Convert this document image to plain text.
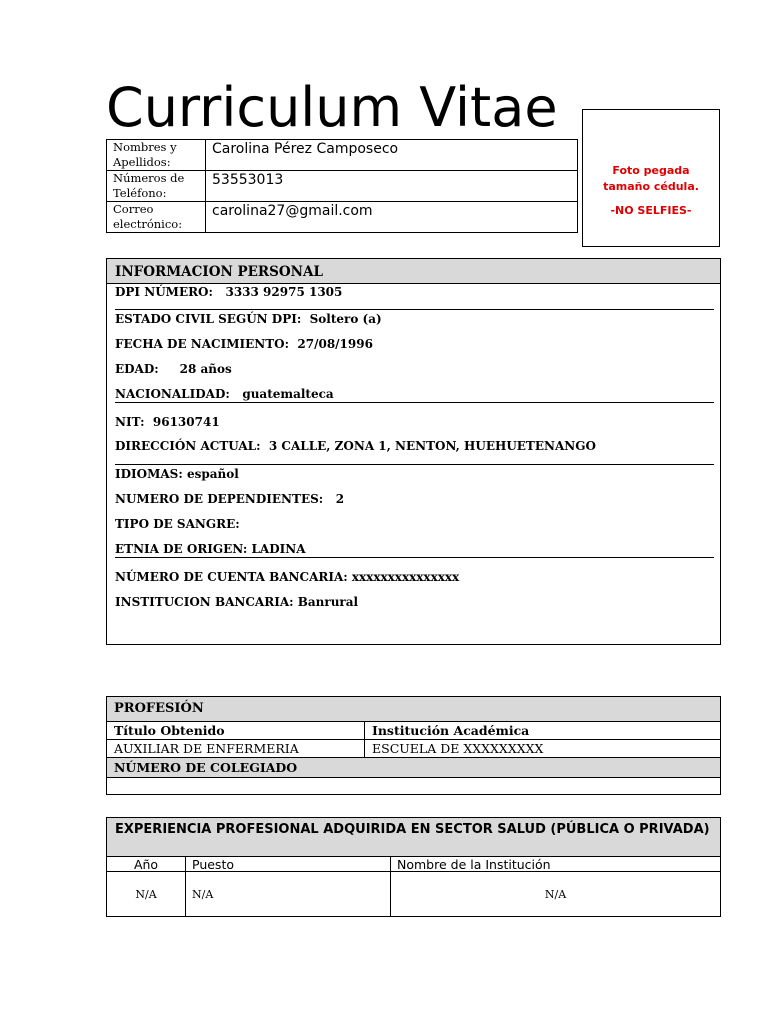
Curriculum Vitae
Nombres y Apellidos:	Carolina Pérez Camposeco
Números de Teléfono:	53553013
Correo electrónico:	carolina27@gmail.com
Foto pegada tamaño cédula.
-NO SELFIES-
INFORMACION PERSONAL
DPI NÚMERO:   3333 92975 1305
ESTADO CIVIL SEGÚN DPI:  Soltero (a)
FECHA DE NACIMIENTO:  27/08/1996
EDAD:     28 años
NACIONALIDAD:   guatemalteca
NIT:  96130741
DIRECCIÓN ACTUAL:  3 CALLE, ZONA 1, NENTON, HUEHUETENANGO
IDIOMAS: español
NUMERO DE DEPENDIENTES:   2
TIPO DE SANGRE:
ETNIA DE ORIGEN: LADINA
NÚMERO DE CUENTA BANCARIA: xxxxxxxxxxxxxxx
INSTITUCION BANCARIA: Banrural
PROFESIÓN	
Título Obtenido	Institución Académica
AUXILIAR DE ENFERMERIA	ESCUELA DE XXXXXXXXX
NÚMERO DE COLEGIADO	

EXPERIENCIA PROFESIONAL ADQUIRIDA EN SECTOR SALUD (PÚBLICA O PRIVADA)		
Año	Puesto	Nombre de la Institución
N/A	N/A	N/A
